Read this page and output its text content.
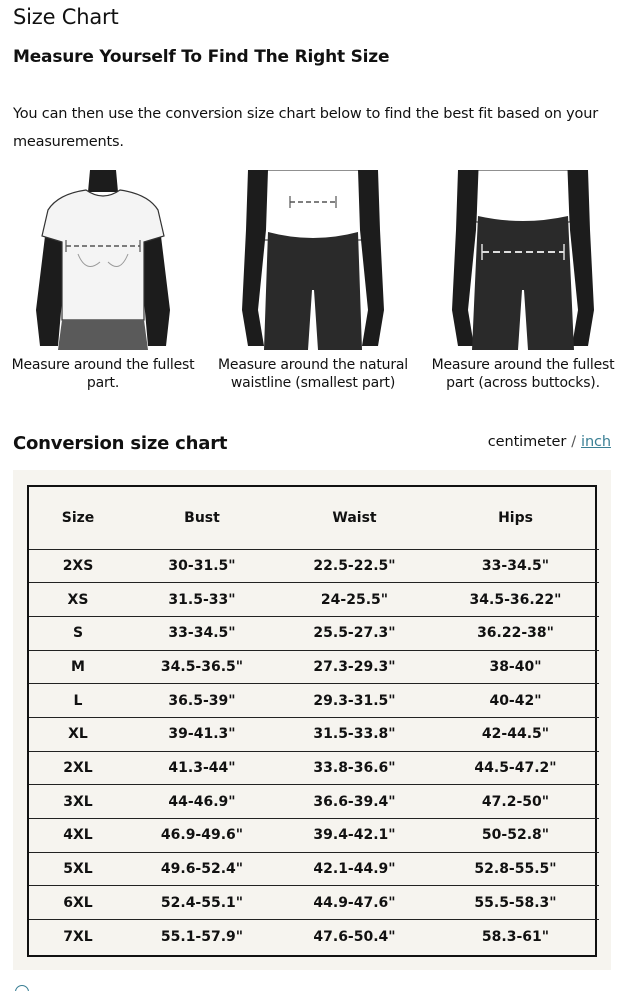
Size Chart
Measure Yourself To Find The Right Size

You can then use the conversion size chart below to find the best fit based on your measurements.

Measure around the fullest part.
Measure around the natural waistline (smallest part)
Measure around the fullest part (across buttocks).
Conversion size chart	centimeter / inch
Size	Bust	Waist	Hips
2XS	30-31.5"	22.5-22.5"	33-34.5"
XS	31.5-33"	24-25.5"	34.5-36.22"
S	33-34.5"	25.5-27.3"	36.22-38"
M	34.5-36.5"	27.3-29.3"	38-40"
L	36.5-39"	29.3-31.5"	40-42"
XL	39-41.3"	31.5-33.8"	42-44.5"
2XL	41.3-44"	33.8-36.6"	44.5-47.2"
3XL	44-46.9"	36.6-39.4"	47.2-50"
4XL	46.9-49.6"	39.4-42.1"	50-52.8"
5XL	49.6-52.4"	42.1-44.9"	52.8-55.5"
6XL	52.4-55.1"	44.9-47.6"	55.5-58.3"
7XL	55.1-57.9"	47.6-50.4"	58.3-61"
